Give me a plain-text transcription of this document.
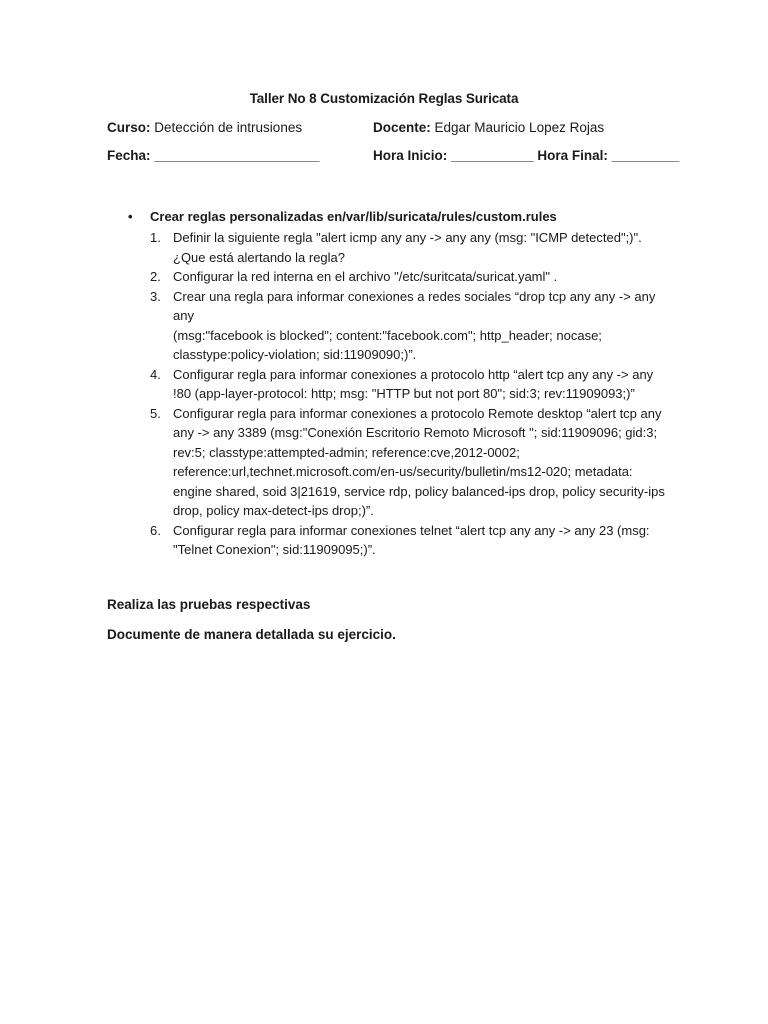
Taller No 8 Customización Reglas Suricata
Curso: Detección de intrusiones	Docente: Edgar Mauricio Lopez Rojas
Fecha: ______________________	Hora Inicio: ___________ Hora Final: _________
• Crear reglas personalizadas en/var/lib/suricata/rules/custom.rules
1. Definir la siguiente regla "alert icmp any any -> any any (msg: "ICMP detected";)".
¿Que está alertando la regla?
2. Configurar la red interna en el archivo "/etc/suritcata/suricat.yaml" .
3. Crear una regla para informar conexiones a redes sociales “drop tcp any any -> any any
(msg:"facebook is blocked"; content:"facebook.com"; http_header; nocase;
classtype:policy-violation; sid:11909090;)”.
4. Configurar regla para informar conexiones a protocolo http “alert tcp any any -> any
!80 (app-layer-protocol: http; msg: "HTTP but not port 80"; sid:3; rev:11909093;)”
5. Configurar regla para informar conexiones a protocolo Remote desktop “alert tcp any
any -> any 3389 (msg:"Conexión Escritorio Remoto Microsoft "; sid:11909096; gid:3;
rev:5; classtype:attempted-admin; reference:cve,2012-0002;
reference:url,technet.microsoft.com/en-us/security/bulletin/ms12-020; metadata:
engine shared, soid 3|21619, service rdp, policy balanced-ips drop, policy security-ips
drop, policy max-detect-ips drop;)”.
6. Configurar regla para informar conexiones telnet “alert tcp any any -> any 23 (msg:
"Telnet Conexion"; sid:11909095;)”.
Realiza las pruebas respectivas
Documente de manera detallada su ejercicio.
